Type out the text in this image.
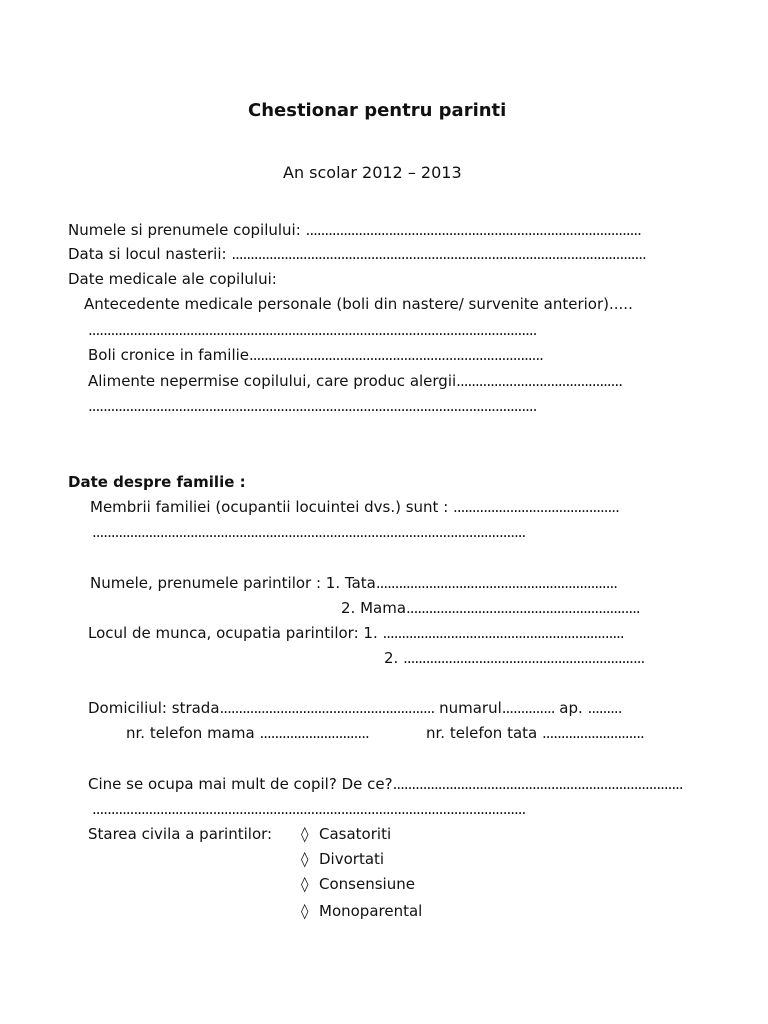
Chestionar pentru parinti
An scolar 2012 – 2013
Numele si prenumele copilului: .........................................................................................
Data si locul nasterii: ..............................................................................................................
Date medicale ale copilului:
Antecedente medicale personale (boli din nastere/ survenite anterior).....
.......................................................................................................................
Boli cronice in familie..............................................................................
Alimente nepermise copilului, care produc alergii............................................
.......................................................................................................................
Date despre familie :
Membrii familiei (ocupantii locuintei dvs.) sunt : ............................................
...................................................................................................................
Numele, prenumele parintilor : 1. Tata................................................................
2. Mama..............................................................
Locul de munca, ocupatia parintilor: 1. ................................................................
2. ................................................................
Domiciliul: strada......................................................... numarul.............. ap. .........
nr. telefon mama .............................	nr. telefon tata ...........................
Cine se ocupa mai mult de copil? De ce?.............................................................................
...................................................................................................................
Starea civila a parintilor: ◊ Casatoriti
◊ Divortati
◊ Consensiune
◊ Monoparental
